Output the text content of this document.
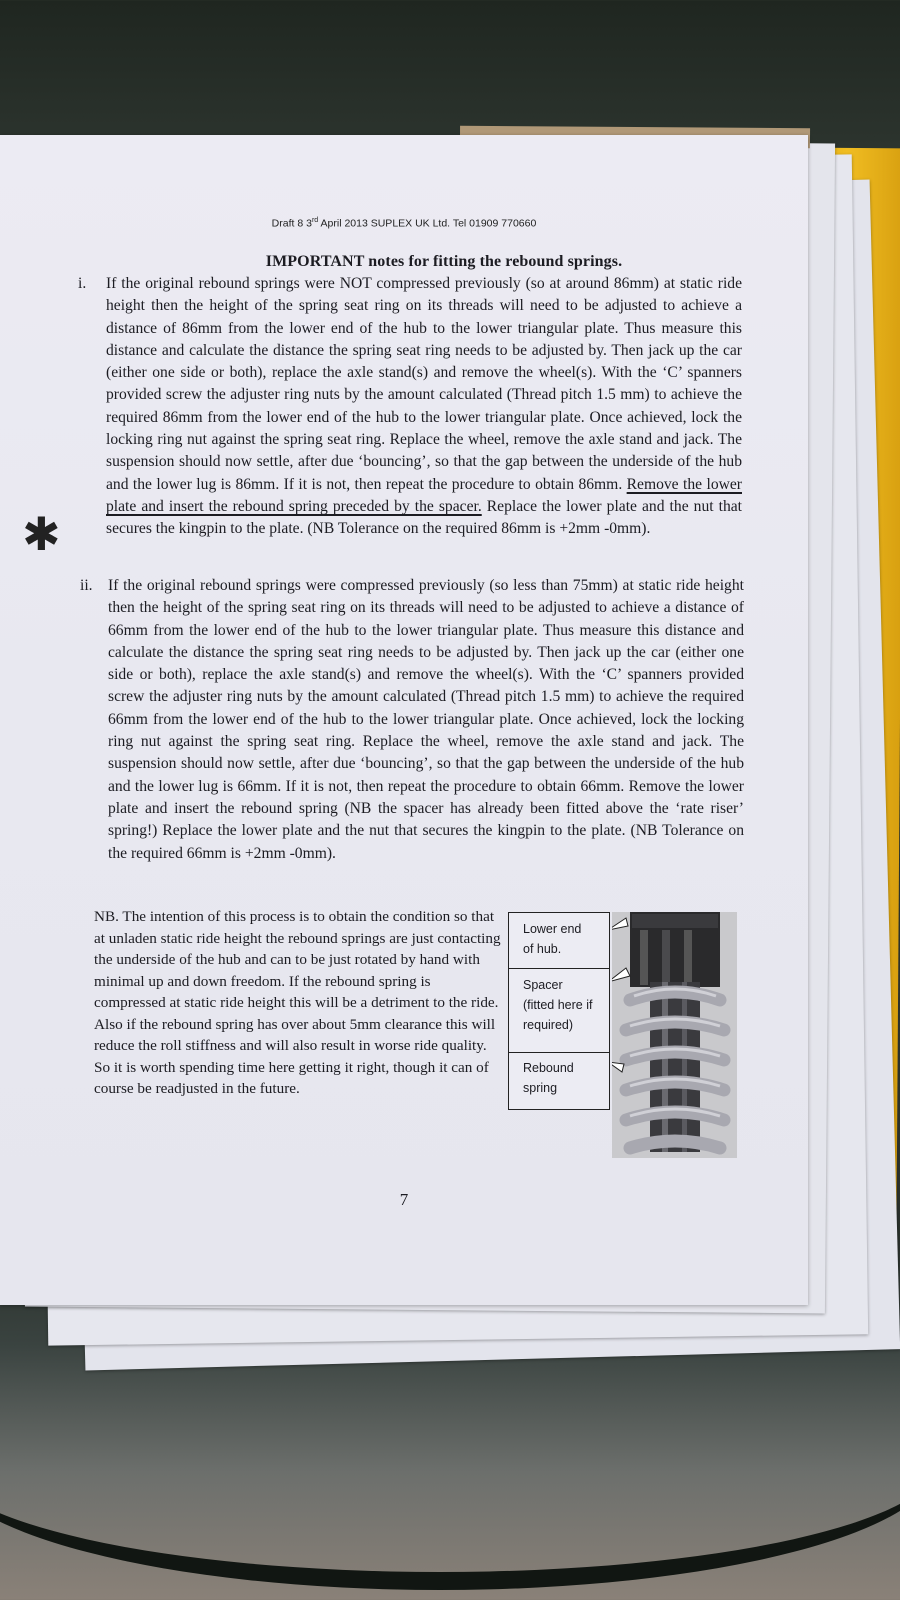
Draft 8 3rd April 2013 SUPLEX UK Ltd. Tel 01909 770660
IMPORTANT notes for fitting the rebound springs.
✱
i. If the original rebound springs were NOT compressed previously (so at around 86mm) at static ride height then the height of the spring seat ring on its threads will need to be adjusted to achieve a distance of 86mm from the lower end of the hub to the lower triangular plate. Thus measure this distance and calculate the distance the spring seat ring needs to be adjusted by. Then jack up the car (either one side or both), replace the axle stand(s) and remove the wheel(s). With the ‘C’ spanners provided screw the adjuster ring nuts by the amount calculated (Thread pitch 1.5 mm) to achieve the required 86mm from the lower end of the hub to the lower triangular plate. Once achieved, lock the locking ring nut against the spring seat ring. Replace the wheel, remove the axle stand and jack. The suspension should now settle, after due ‘bouncing’, so that the gap between the underside of the hub and the lower lug is 86mm. If it is not, then repeat the procedure to obtain 86mm. Remove the lower plate and insert the rebound spring preceded by the spacer. Replace the lower plate and the nut that secures the kingpin to the plate. (NB Tolerance on the required 86mm is +2mm -0mm).

ii. If the original rebound springs were compressed previously (so less than 75mm) at static ride height then the height of the spring seat ring on its threads will need to be adjusted to achieve a distance of 66mm from the lower end of the hub to the lower triangular plate. Thus measure this distance and calculate the distance the spring seat ring needs to be adjusted by. Then jack up the car (either one side or both), replace the axle stand(s) and remove the wheel(s). With the ‘C’ spanners provided screw the adjuster ring nuts by the amount calculated (Thread pitch 1.5 mm) to achieve the required 66mm from the lower end of the hub to the lower triangular plate. Once achieved, lock the locking ring nut against the spring seat ring. Replace the wheel, remove the axle stand and jack. The suspension should now settle, after due ‘bouncing’, so that the gap between the underside of the hub and the lower lug is 66mm. If it is not, then repeat the procedure to obtain 66mm. Remove the lower plate and insert the rebound spring (NB the spacer has already been fitted above the ‘rate riser’ spring!) Replace the lower plate and the nut that secures the kingpin to the plate. (NB Tolerance on the required 66mm is +2mm -0mm).

NB. The intention of this process is to obtain the condition so that at unladen static ride height the rebound springs are just contacting the underside of the hub and can to be just rotated by hand with minimal up and down freedom. If the rebound spring is compressed at static ride height this will be a detriment to the ride. Also if the rebound spring has over about 5mm clearance this will reduce the roll stiffness and will also result in worse ride quality. So it is worth spending time here getting it right, though it can of course be readjusted in the future.

Lower end of hub.
Spacer (fitted here if required)
Rebound spring
7
